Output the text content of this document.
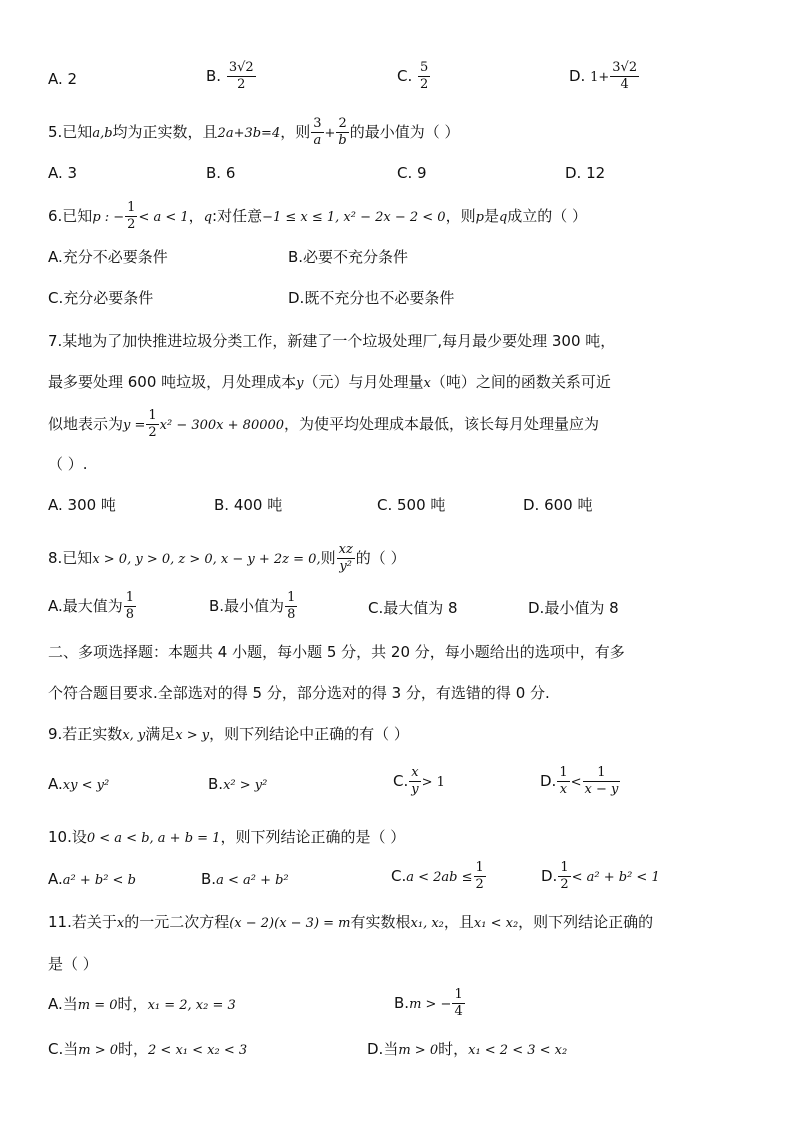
A. 2	B. $\frac{3√2}{2}$	C. $\frac{5}{2}$	D. $1+ \frac{3√2}{4}$
5.已知a,b均为正实数，且2a+3b=4，则 $\frac{3}{a} + \frac{2}{b}$ 的最小值为（ ）
A. 3	B. 6	C. 9	D. 12
6.已知p : − $\frac{1}{2} < a < 1$，q:对任意−1 ≤ x ≤ 1, x² − 2x − 2 < 0，则p是q成立的（ ）
A.充分不必要条件	B.必要不充分条件
C.充分必要条件	D.既不充分也不必要条件
7.某地为了加快推进垃圾分类工作，新建了一个垃圾处理厂,每月最少要处理 300 吨，
最多要处理 600 吨垃圾，月处理成本y（元）与月处理量x（吨）之间的函数关系可近
似地表示为$y = \frac{1}{2} x^2 - 300x + 80000$，为使平均处理成本最低，该长每月处理量应为
（ ）.
A. 300 吨	B. 400 吨	C. 500 吨	D. 600 吨
8.已知x > 0, y > 0, z > 0, x − y + 2z = 0,则 $\frac{xz}{\text{y²}}$ 的（ ）
A.最大值为 $\frac{1}{8}$	B.最小值为 $\frac{1}{8}$	C.最大值为 8	D.最小值为 8
二、多项选择题：本题共 4 小题，每小题 5 分，共 20 分，每小题给出的选项中，有多
个符合题目要求.全部选对的得 5 分，部分选对的得 3 分，有选错的得 0 分.
9.若正实数x, y满足x > y，则下列结论中正确的有（ ）
A.xy < y²	B.x² > y²	C. $\frac{x}{y} > 1$	D. $\frac{1}{x} < \frac{1}{x - y}$
10.设0 < a < b, a + b = 1，则下列结论正确的是（ ）
A.a² + b² < b	B.a < a² + b²	$C.a < 2ab \le \frac{1}{2}$	D. $\frac{1}{2} < a^2 + b^2 < 1$
11.若关于x的一元二次方程(x − 2)(x − 3) = m有实数根x₁, x₂，且x₁ < x₂，则下列结论正确的
是（ ）
A.当m = 0时，x₁ = 2, x₂ = 3	B.m > − $\frac{1}{4}$
C.当m > 0时，2 < x₁ < x₂ < 3	D.当m > 0时，x₁ < 2 < 3 < x₂
